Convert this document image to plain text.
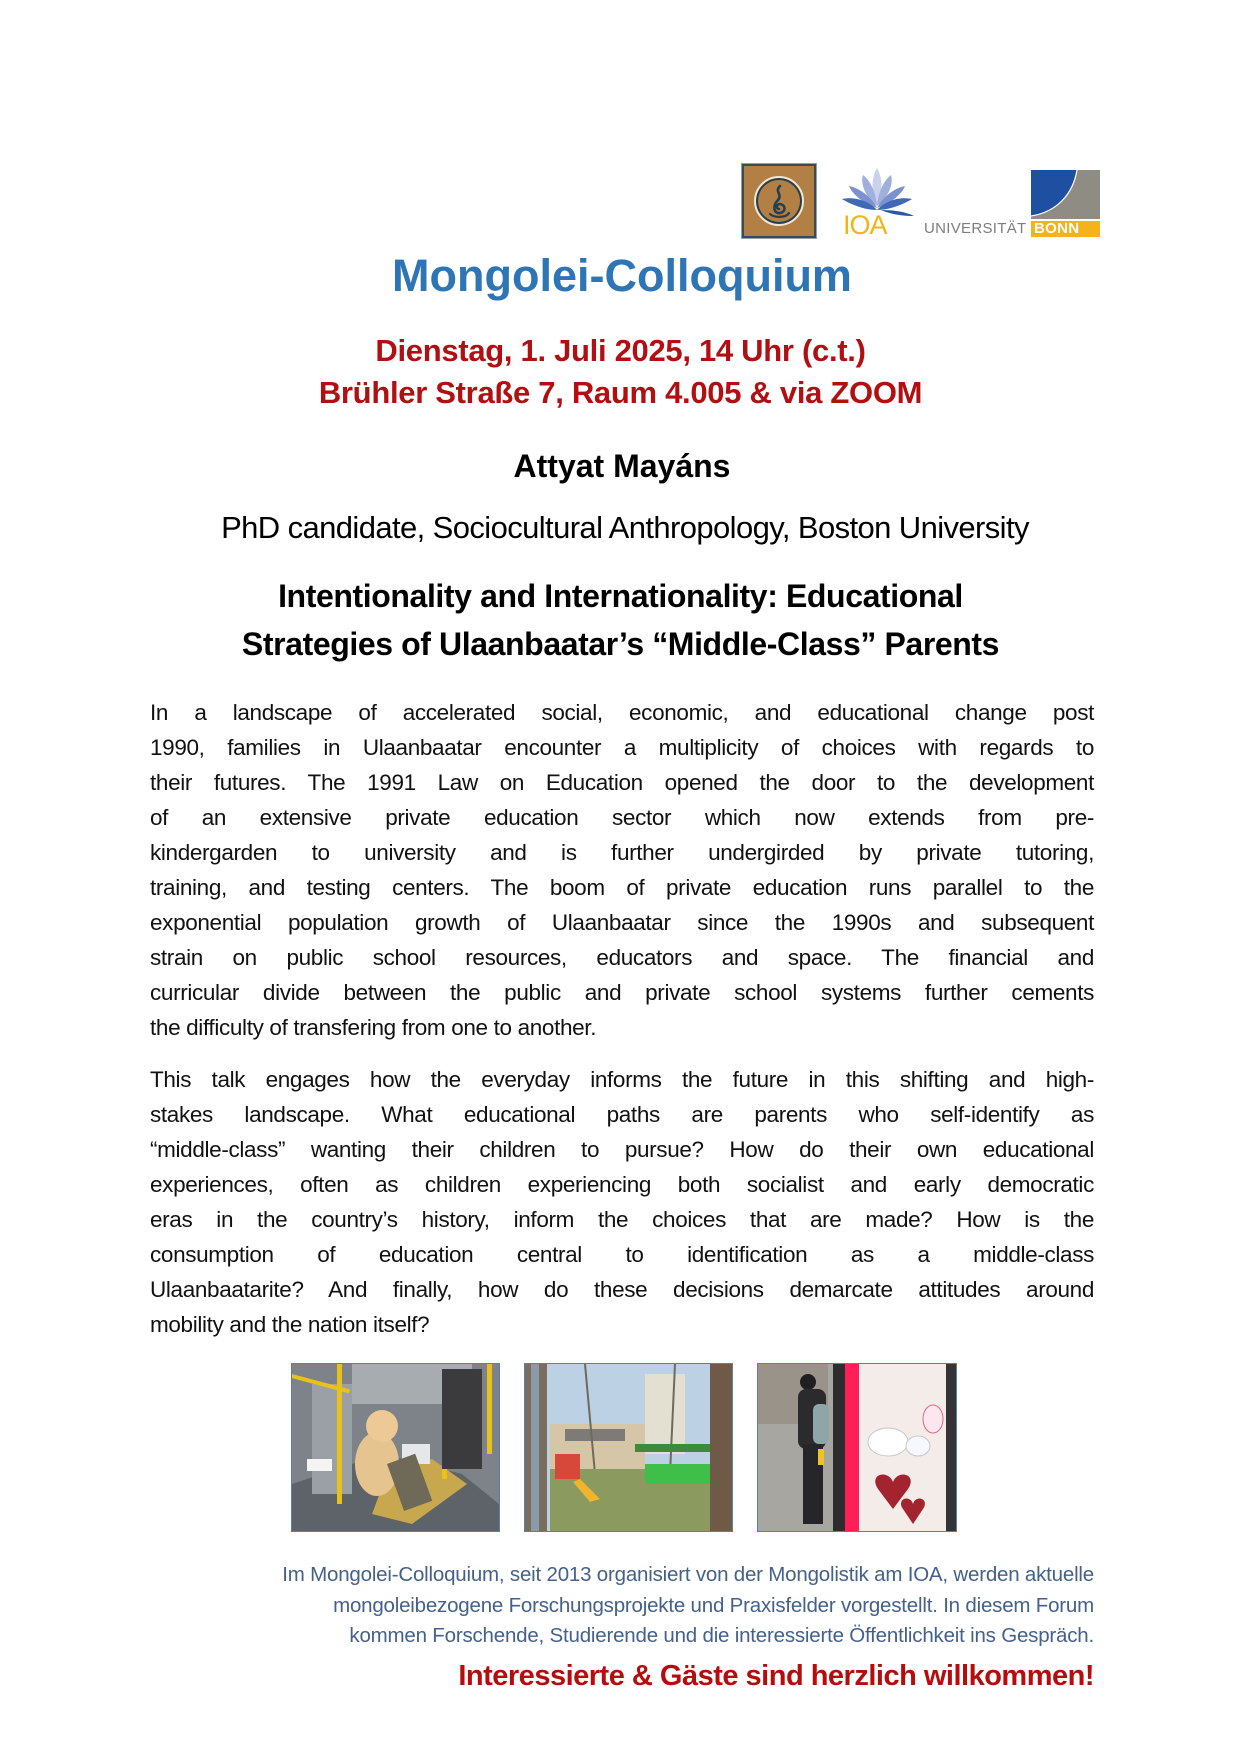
IOA UNIVERSITÄT BONN
Mongolei-Colloquium
Dienstag, 1. Juli 2025, 14 Uhr (c.t.)
Brühler Straße 7, Raum 4.005 & via ZOOM
Attyat Mayáns
PhD candidate, Sociocultural Anthropology, Boston University
Intentionality and Internationality: Educational
Strategies of Ulaanbaatar’s “Middle-Class” Parents
In a landscape of accelerated social, economic, and educational change post
1990, families in Ulaanbaatar encounter a multiplicity of choices with regards to
their futures. The 1991 Law on Education opened the door to the development
of an extensive private education sector which now extends from pre-
kindergarden to university and is further undergirded by private tutoring,
training, and testing centers. The boom of private education runs parallel to the
exponential population growth of Ulaanbaatar since the 1990s and subsequent
strain on public school resources, educators and space. The financial and
curricular divide between the public and private school systems further cements
the difficulty of transfering from one to another.
This talk engages how the everyday informs the future in this shifting and high-
stakes landscape. What educational paths are parents who self-identify as
“middle-class” wanting their children to pursue? How do their own educational
experiences, often as children experiencing both socialist and early democratic
eras in the country’s history, inform the choices that are made? How is the
consumption of education central to identification as a middle-class
Ulaanbaatarite? And finally, how do these decisions demarcate attitudes around
mobility and the nation itself?
Im Mongolei-Colloquium, seit 2013 organisiert von der Mongolistik am IOA, werden aktuelle
mongoleibezogene Forschungsprojekte und Praxisfelder vorgestellt. In diesem Forum
kommen Forschende, Studierende und die interessierte Öffentlichkeit ins Gespräch.
Interessierte & Gäste sind herzlich willkommen!
